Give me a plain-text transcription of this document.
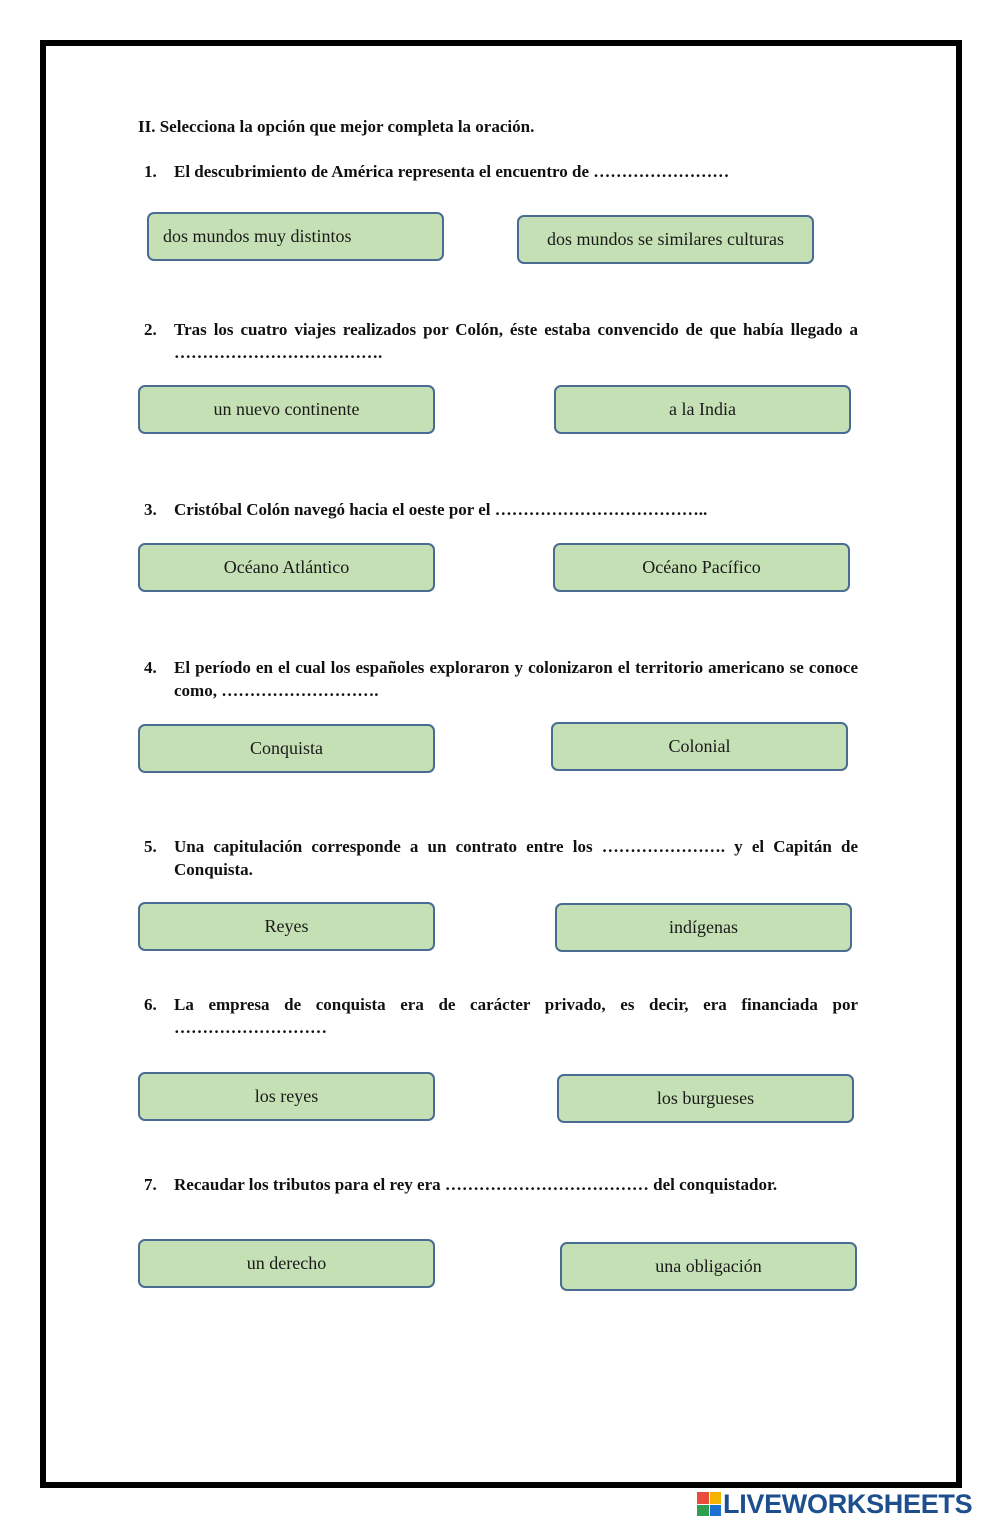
II. Selecciona la opción que mejor completa la oración.
1.	El descubrimiento de América representa el encuentro de ……………………
dos mundos muy distintos	dos mundos se similares culturas
2.	Tras los cuatro viajes realizados por Colón, éste estaba convencido de que había llegado a ……………………………….
un nuevo continente	a la India
3.	Cristóbal Colón navegó hacia el oeste por el ………………………………..
Océano Atlántico	Océano Pacífico
4.	El período en el cual los españoles exploraron y colonizaron el territorio americano se conoce como, ……………………….
Conquista	Colonial
5.	Una capitulación corresponde a un contrato entre los …………………. y el Capitán de Conquista.
Reyes	indígenas
6.	La empresa de conquista era de carácter privado, es decir, era financiada por ………………………
los reyes	los burgueses
7.	Recaudar los tributos para el rey era ……………………………… del conquistador.
un derecho	una obligación
LIVEWORKSHEETS
